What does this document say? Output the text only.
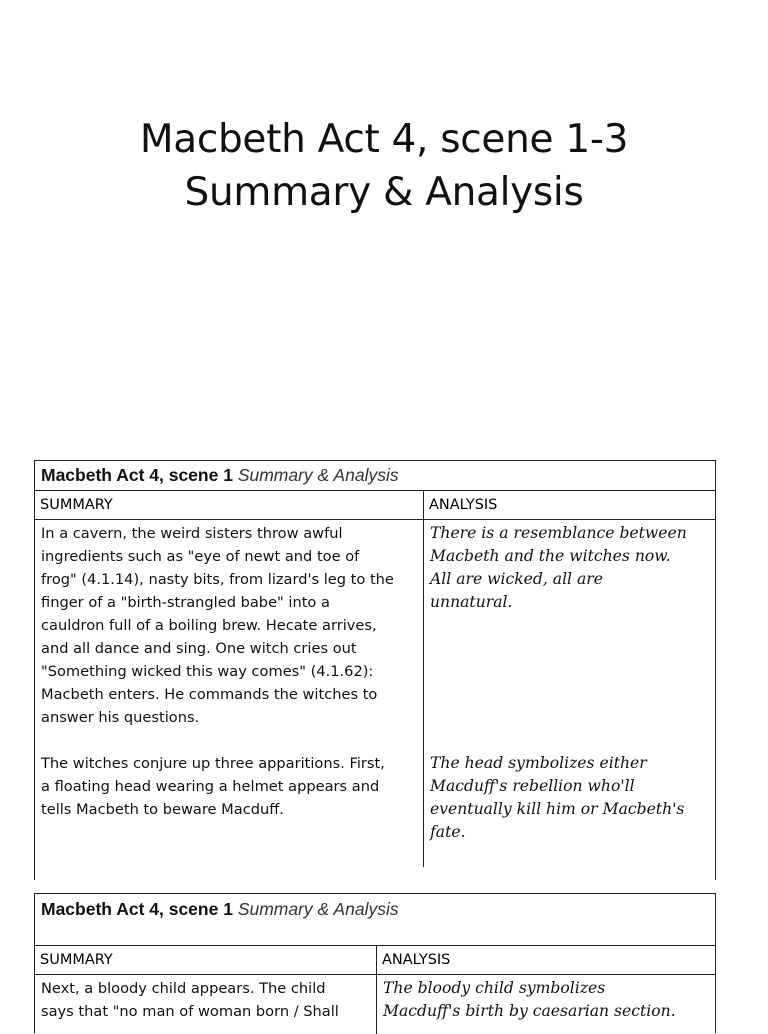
Macbeth Act 4, scene 1-3
Summary & Analysis
Macbeth Act 4, scene 1 Summary & Analysis
SUMMARY	ANALYSIS
In a cavern, the weird sisters throw awful
ingredients such as "eye of newt and toe of
frog" (4.1.14), nasty bits, from lizard's leg to the
finger of a "birth-strangled babe" into a
cauldron full of a boiling brew. Hecate arrives,
and all dance and sing. One witch cries out
"Something wicked this way comes" (4.1.62):
Macbeth enters. He commands the witches to
answer his questions.
There is a resemblance between
Macbeth and the witches now.
All are wicked, all are
unnatural.
The witches conjure up three apparitions. First,
a floating head wearing a helmet appears and
tells Macbeth to beware Macduff.
The head symbolizes either
Macduff's rebellion who'll
eventually kill him or Macbeth's
fate.
Macbeth Act 4, scene 1 Summary & Analysis
SUMMARY	ANALYSIS
Next, a bloody child appears. The child
says that "no man of woman born / Shall
The bloody child symbolizes
Macduff's birth by caesarian section.
